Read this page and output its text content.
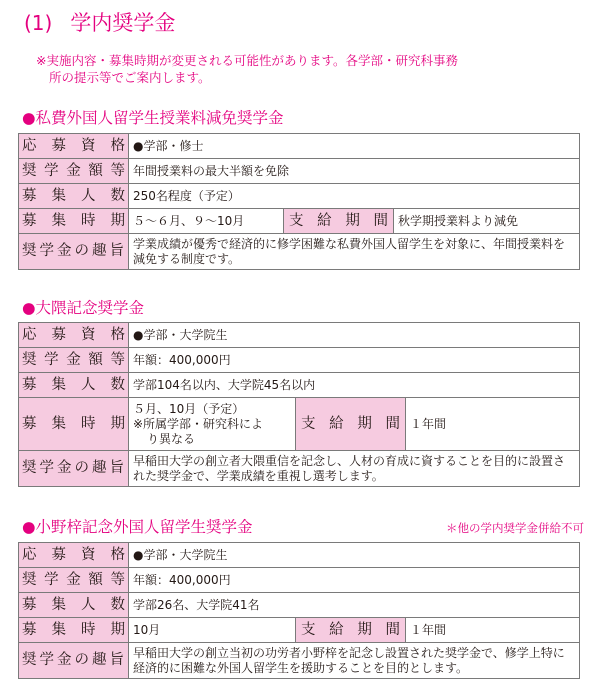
(1) 学内奨学金
※実施内容・募集時期が変更される可能性があります。各学部・研究科事務
所の提示等でご案内します。
●私費外国人留学生授業料減免奨学金
応募資格	●学部・修士		
奨学金額等	年間授業料の最大半額を免除		
募集人数	250名程度（予定）		
募集時期	５～６月、９～10月	支給期間	秋学期授業料より減免
奨学金の趣旨	学業成績が優秀で経済的に修学困難な私費外国人留学生を対象に、年間授業料を減免する制度です。		
●大隈記念奨学金
応募資格	●学部・大学院生		
奨学金額等	年額：400,000円		
募集人数	学部104名以内、大学院45名以内		
募集時期	５月、10月（予定）
※所属学部・研究科によ
り異なる	支給期間	１年間
奨学金の趣旨	早稲田大学の創立者大隈重信を記念し、人材の育成に資することを目的に設置された奨学金で、学業成績を重視し選考します。		
●小野梓記念外国人留学生奨学金	＊他の学内奨学金併給不可
応募資格	●学部・大学院生		
奨学金額等	年額：400,000円		
募集人数	学部26名、大学院41名		
募集時期	10月	支給期間	１年間
奨学金の趣旨	早稲田大学の創立当初の功労者小野梓を記念し設置された奨学金で、修学上特に経済的に困難な外国人留学生を援助することを目的とします。		
